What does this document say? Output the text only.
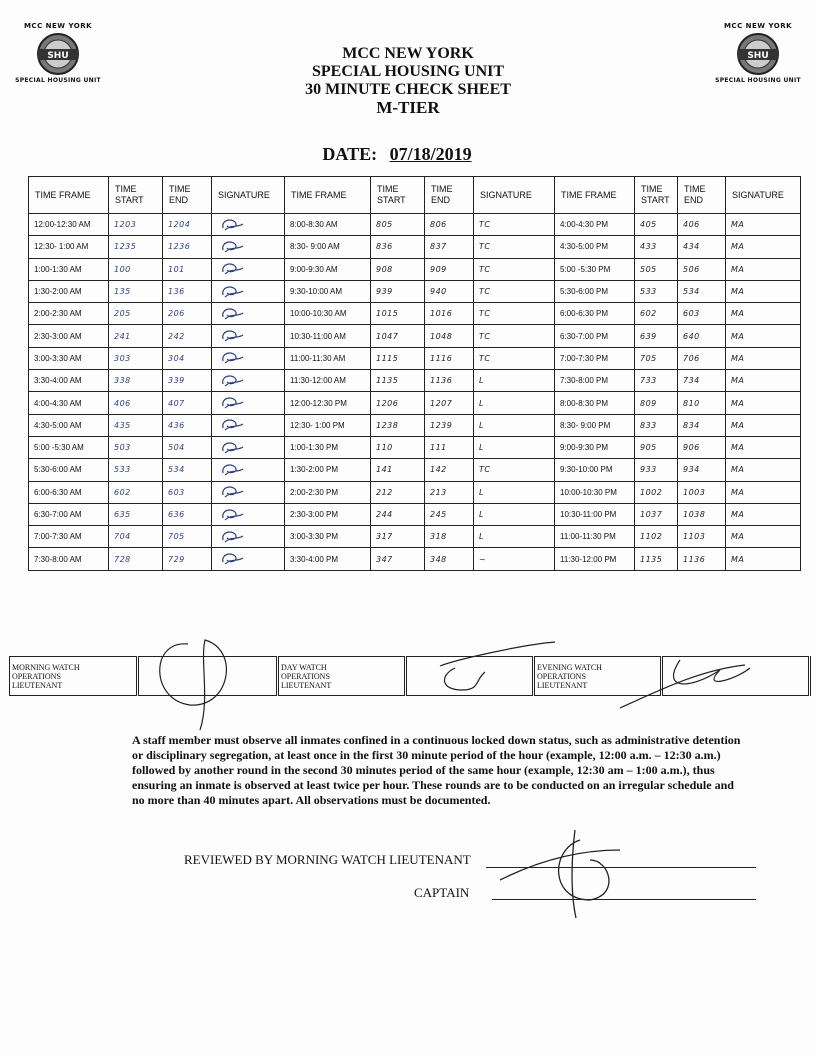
MCC NEW YORK
SHU
SPECIAL HOUSING UNIT
MCC NEW YORK
SHU
SPECIAL HOUSING UNIT
MCC NEW YORK
SPECIAL HOUSING UNIT
30 MINUTE CHECK SHEET
M-TIER
DATE: 07/18/2019
TIME FRAME	TIME START	TIME END	SIGNATURE	TIME FRAME	TIME START	TIME END	SIGNATURE	TIME FRAME	TIME START	TIME END	SIGNATURE
12:00-12:30 AM	1203	1204		8:00-8:30 AM	805	806	TC	4:00-4:30 PM	405	406	MA
12:30- 1:00 AM	1235	1236		8:30- 9:00 AM	836	837	TC	4:30-5:00 PM	433	434	MA
1:00-1:30 AM	100	101		9:00-9:30 AM	908	909	TC	5:00 -5:30 PM	505	506	MA
1:30-2:00 AM	135	136		9:30-10:00 AM	939	940	TC	5:30-6:00 PM	533	534	MA
2:00-2:30 AM	205	206		10:00-10:30 AM	1015	1016	TC	6:00-6:30 PM	602	603	MA
2:30-3:00 AM	241	242		10:30-11:00 AM	1047	1048	TC	6:30-7:00 PM	639	640	MA
3:00-3:30 AM	303	304		11:00-11:30 AM	1115	1116	TC	7:00-7:30 PM	705	706	MA
3:30-4:00 AM	338	339		11:30-12:00 AM	1135	1136	L	7:30-8:00 PM	733	734	MA
4:00-4:30 AM	406	407		12:00-12:30 PM	1206	1207	L	8:00-8:30 PM	809	810	MA
4:30-5:00 AM	435	436		12:30- 1:00 PM	1238	1239	L	8:30- 9:00 PM	833	834	MA
5:00 -5:30 AM	503	504		1:00-1:30 PM	110	111	L	9:00-9:30 PM	905	906	MA
5:30-6:00 AM	533	534		1:30-2:00 PM	141	142	TC	9:30-10:00 PM	933	934	MA
6:00-6:30 AM	602	603		2:00-2:30 PM	212	213	L	10:00-10:30 PM	1002	1003	MA
6:30-7:00 AM	635	636		2:30-3:00 PM	244	245	L	10:30-11:00 PM	1037	1038	MA
7:00-7:30 AM	704	705		3:00-3:30 PM	317	318	L	11:00-11:30 PM	1102	1103	MA
7:30-8:00 AM	728	729		3:30-4:00 PM	347	348	~	11:30-12:00 PM	1135	1136	MA
MORNING WATCH
OPERATIONS
LIEUTENANT

DAY WATCH
OPERATIONS
LIEUTENANT

EVENING WATCH
OPERATIONS
LIEUTENANT

A staff member must observe all inmates confined in a continuous locked down status, such as administrative detention or disciplinary segregation, at least once in the first 30 minute period of the hour (example, 12:00 a.m. – 12:30 a.m.) followed by another round in the second 30 minutes period of the same hour (example, 12:30 am – 1:00 a.m.), thus ensuring an inmate is observed at least twice per hour. These rounds are to be conducted on an irregular schedule and no more than 40 minutes apart. All observations must be documented.
REVIEWED BY MORNING WATCH LIEUTENANT
CAPTAIN
